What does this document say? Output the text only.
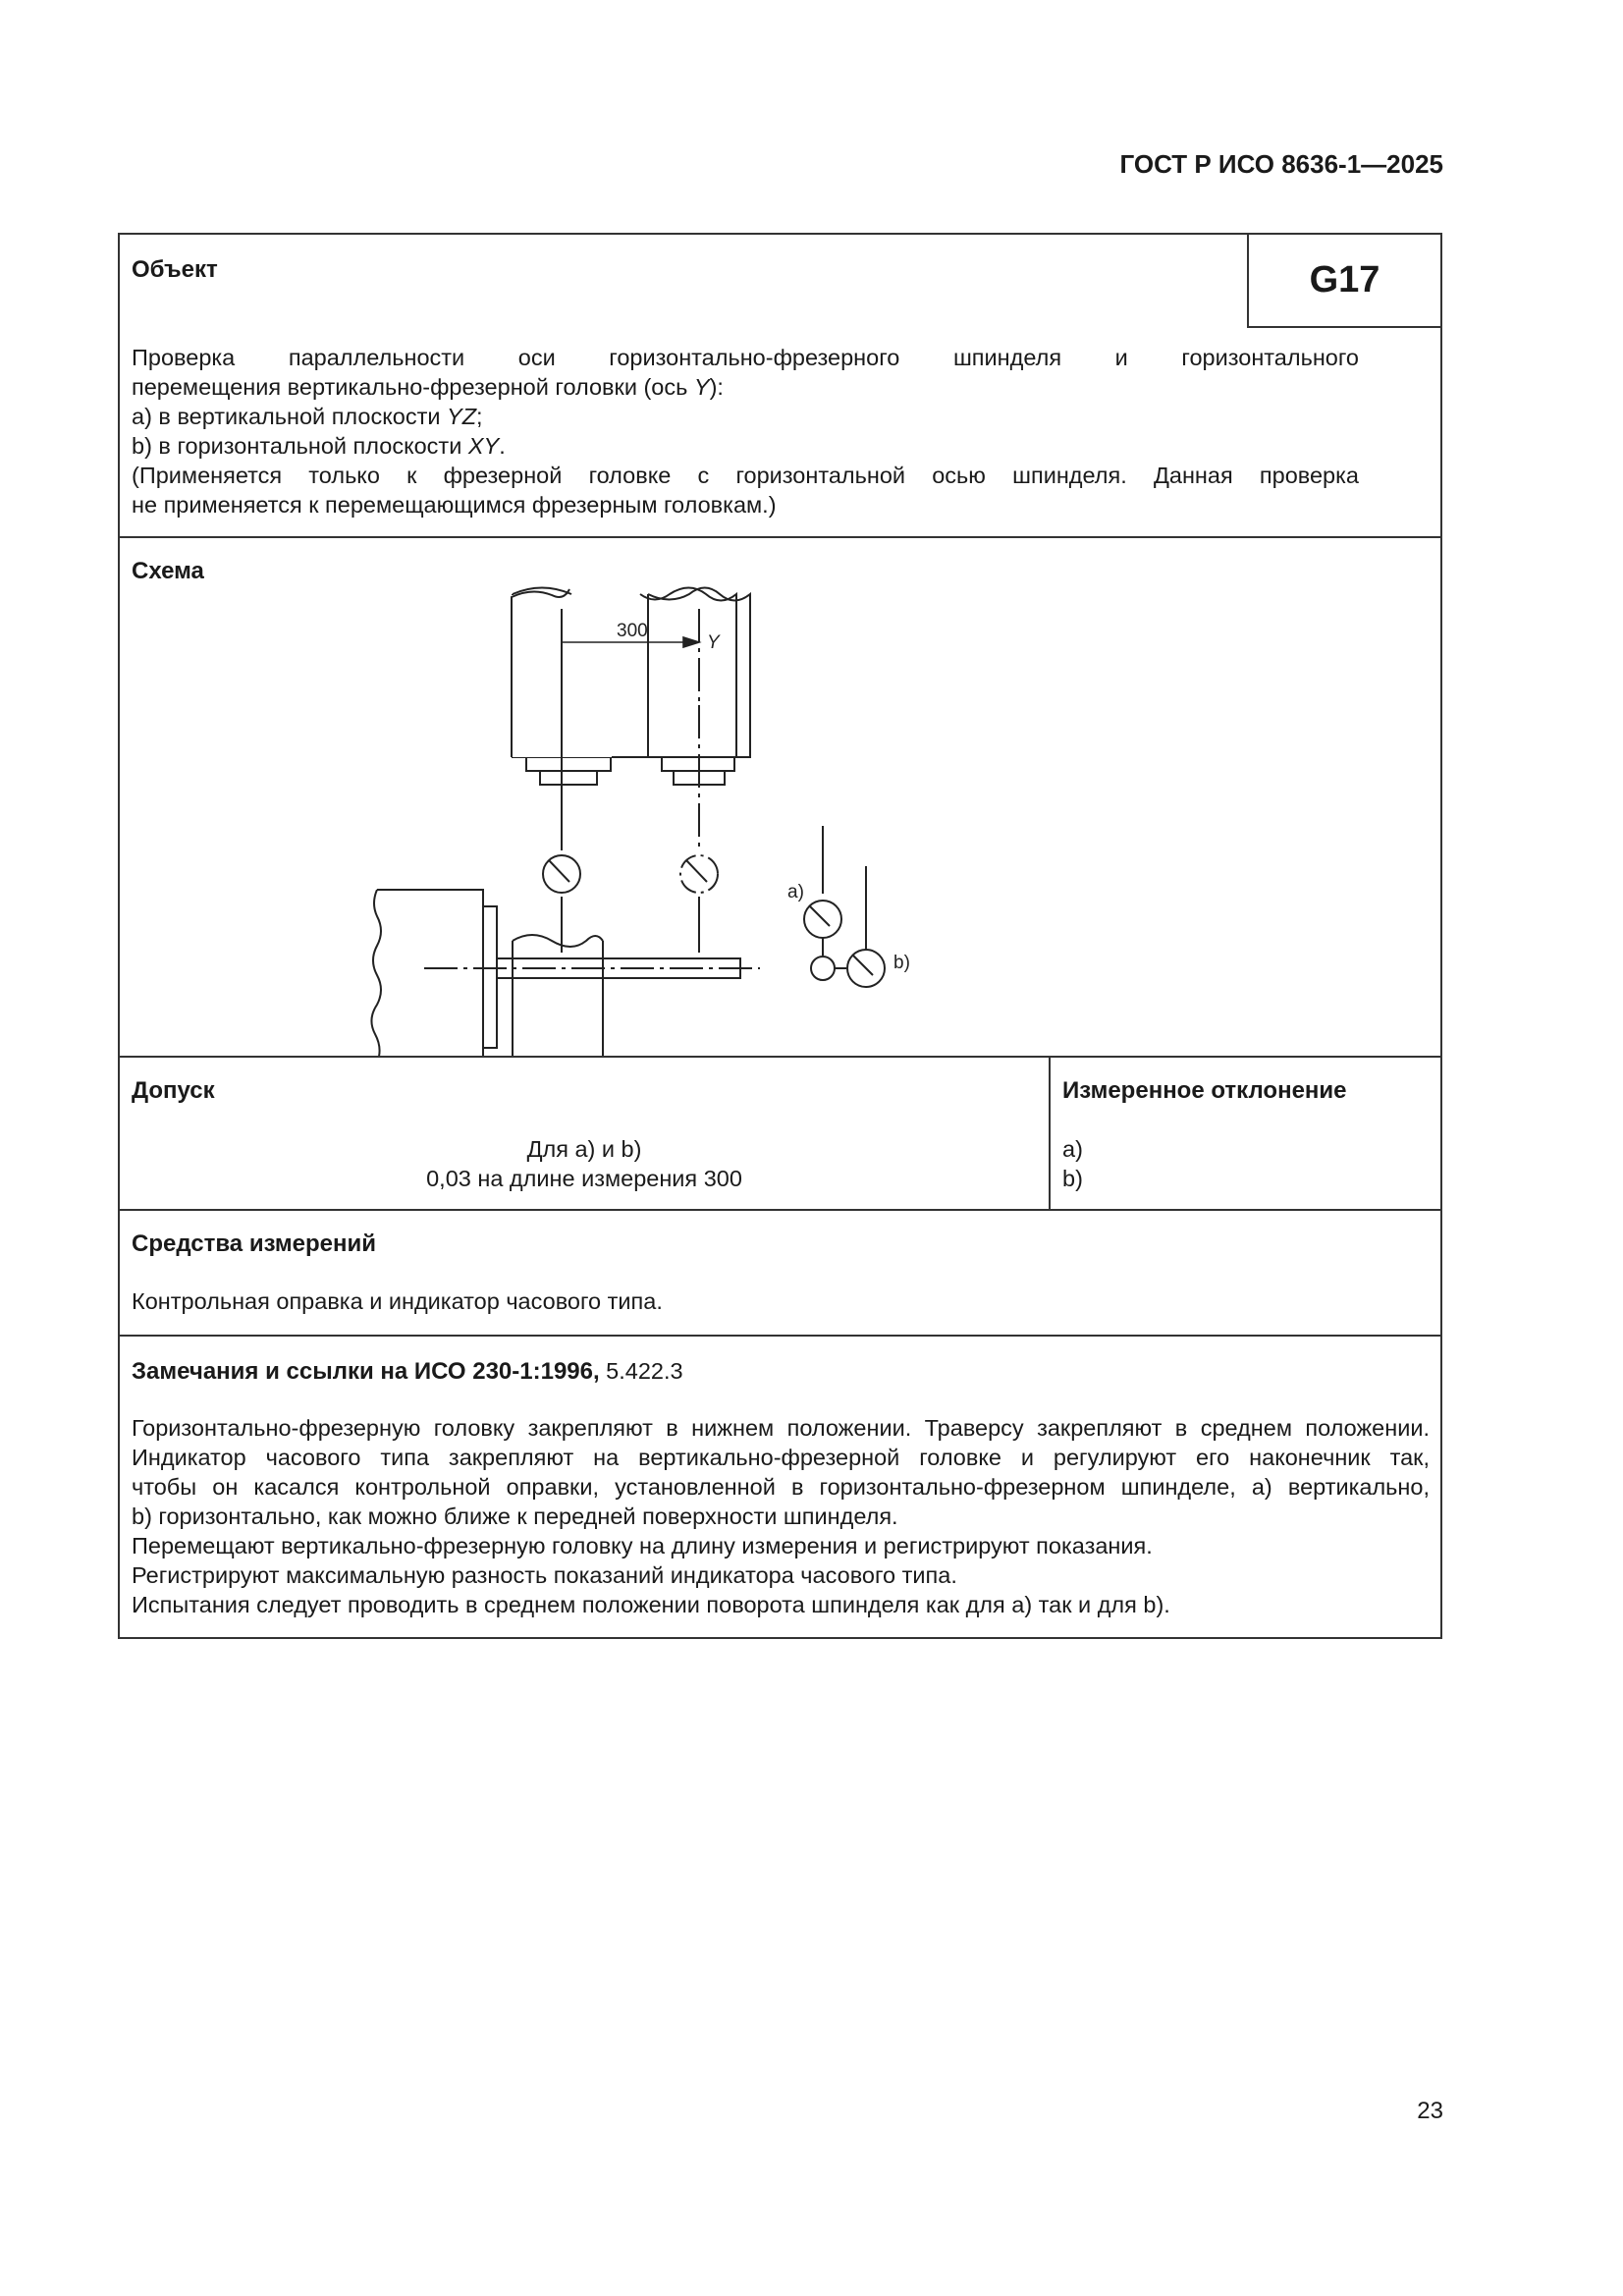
ГОСТ Р ИСО 8636-1—2025
Объект	G17
Проверка параллельности оси горизонтально-фрезерного шпинделя и горизонтального
перемещения вертикально-фрезерной головки (ось Y):
a) в вертикальной плоскости YZ;
b) в горизонтальной плоскости XY.
(Применяется только к фрезерной головке с горизонтальной осью шпинделя. Данная проверка
не применяется к перемещающимся фрезерным головкам.)
Схема
300
Y
a)
b)
Допуск
Для a) и b)
0,03 на длине измерения 300
Измеренное отклонение
a)
b)
Средства измерений
Контрольная оправка и индикатор часового типа.
Замечания и ссылки на ИСО 230-1:1996, 5.422.3
Горизонтально-фрезерную головку закрепляют в нижнем положении. Траверсу закрепляют в среднем положении.
Индикатор часового типа закрепляют на вертикально-фрезерной головке и регулируют его наконечник так,
чтобы он касался контрольной оправки, установленной в горизонтально-фрезерном шпинделе, a) вертикально,
b) горизонтально, как можно ближе к передней поверхности шпинделя.
Перемещают вертикально-фрезерную головку на длину измерения и регистрируют показания.
Регистрируют максимальную разность показаний индикатора часового типа.
Испытания следует проводить в среднем положении поворота шпинделя как для a) так и для b).
23
